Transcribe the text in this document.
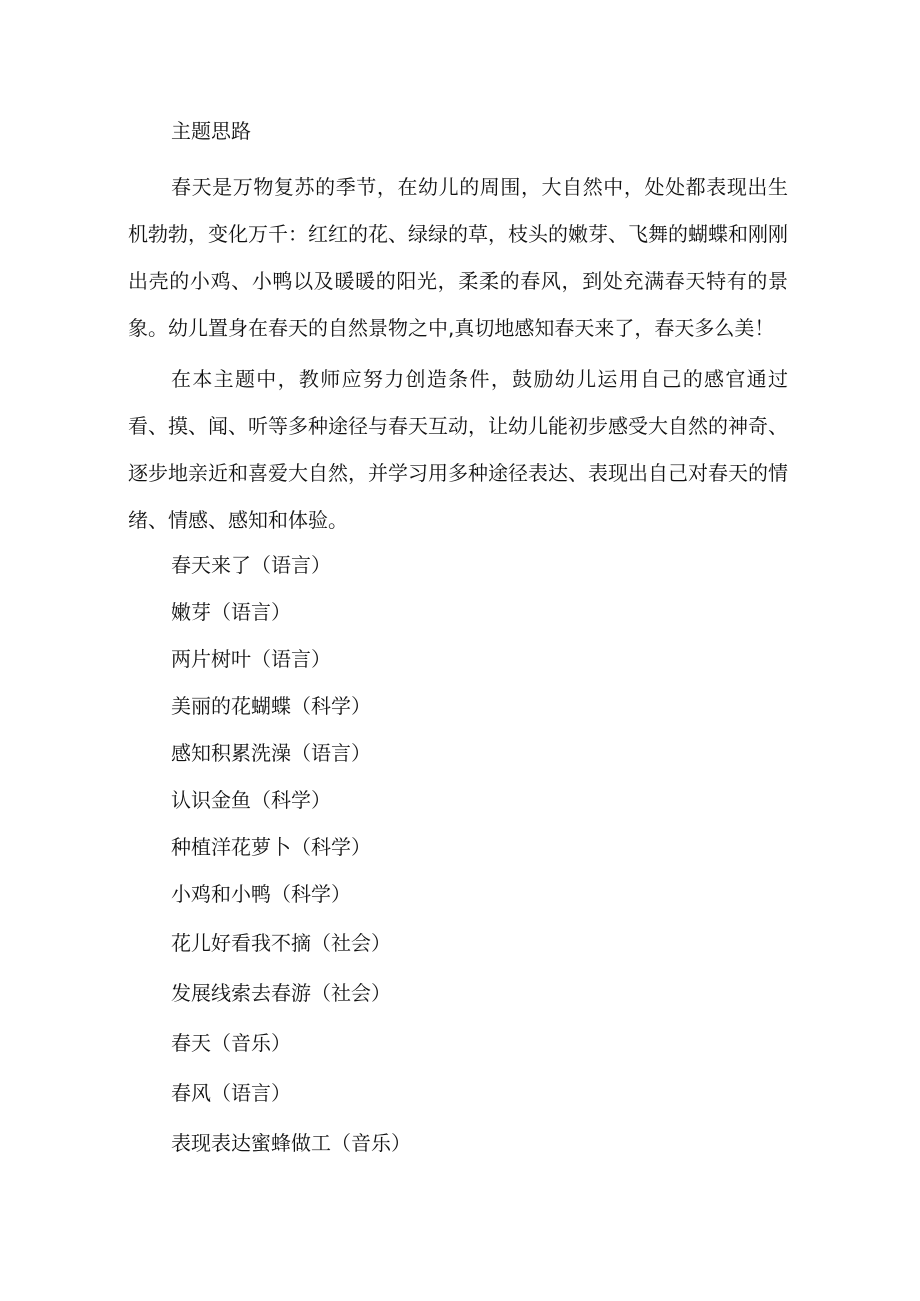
主题思路

春天是万物复苏的季节，在幼儿的周围，大自然中，处处都表现出生机勃勃，变化万千：红红的花、绿绿的草，枝头的嫩芽、飞舞的蝴蝶和刚刚出壳的小鸡、小鸭以及暖暖的阳光，柔柔的春风，到处充满春天特有的景象。幼儿置身在春天的自然景物之中,真切地感知春天来了，春天多么美！

在本主题中，教师应努力创造条件，鼓励幼儿运用自己的感官通过看、摸、闻、听等多种途径与春天互动，让幼儿能初步感受大自然的神奇、逐步地亲近和喜爱大自然，并学习用多种途径表达、表现出自己对春天的情绪、情感、感知和体验。

春天来了（语言）
嫩芽（语言）
两片树叶（语言）
美丽的花蝴蝶（科学）
感知积累洗澡（语言）
认识金鱼（科学）
种植洋花萝卜（科学）
小鸡和小鸭（科学）
花儿好看我不摘（社会）
发展线索去春游（社会）
春天（音乐）
春风（语言）
表现表达蜜蜂做工（音乐）
